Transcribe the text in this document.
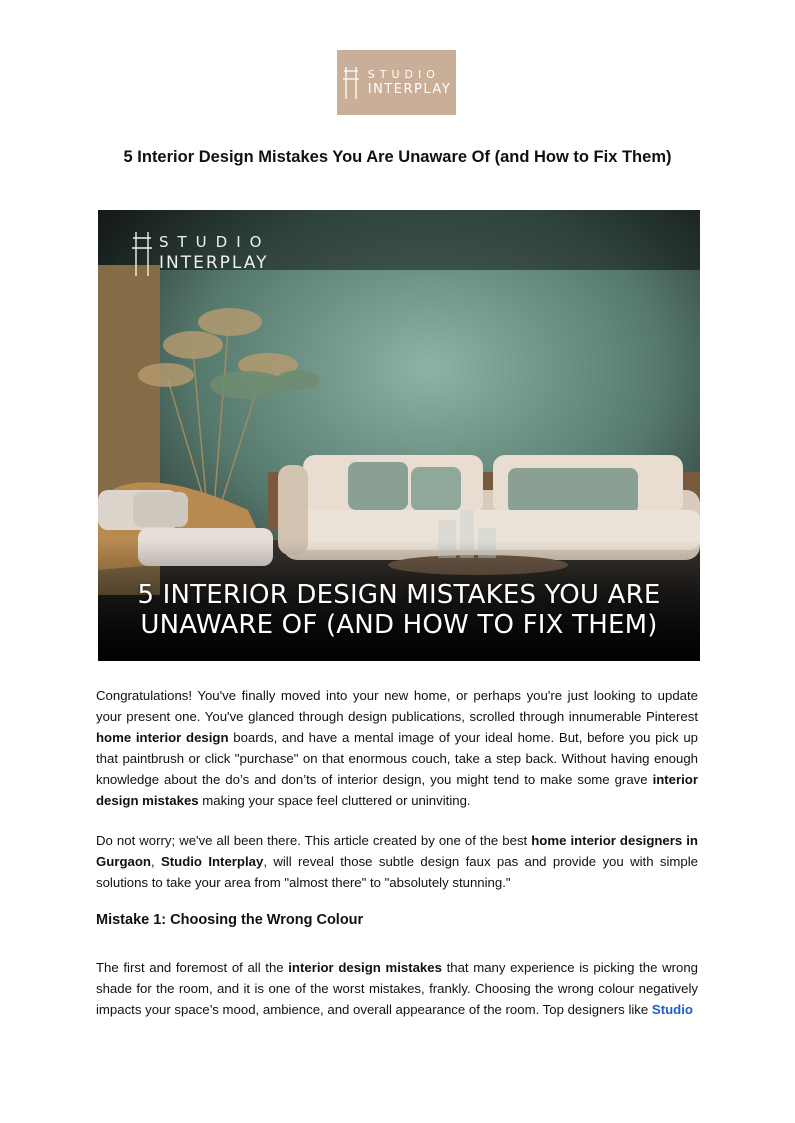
STUDIO
INTERPLAY
5 Interior Design Mistakes You Are Unaware Of (and How to Fix Them)
STUDIO
INTERPLAY
5 INTERIOR DESIGN MISTAKES YOU ARE
UNAWARE OF (AND HOW TO FIX THEM)

Congratulations! You've finally moved into your new home, or perhaps you're just looking to update your present one. You've glanced through design publications, scrolled through innumerable Pinterest home interior design boards, and have a mental image of your ideal home. But, before you pick up that paintbrush or click "purchase" on that enormous couch, take a step back. Without having enough knowledge about the do’s and don’ts of interior design, you might tend to make some grave interior design mistakes making your space feel cluttered or uninviting.

Do not worry; we've all been there. This article created by one of the best home interior designers in Gurgaon, Studio Interplay, will reveal those subtle design faux pas and provide you with simple solutions to take your area from "almost there" to "absolutely stunning."

Mistake 1: Choosing the Wrong Colour

The first and foremost of all the interior design mistakes that many experience is picking the wrong shade for the room, and it is one of the worst mistakes, frankly. Choosing the wrong colour negatively impacts your space’s mood, ambience, and overall appearance of the room. Top designers like Studio
